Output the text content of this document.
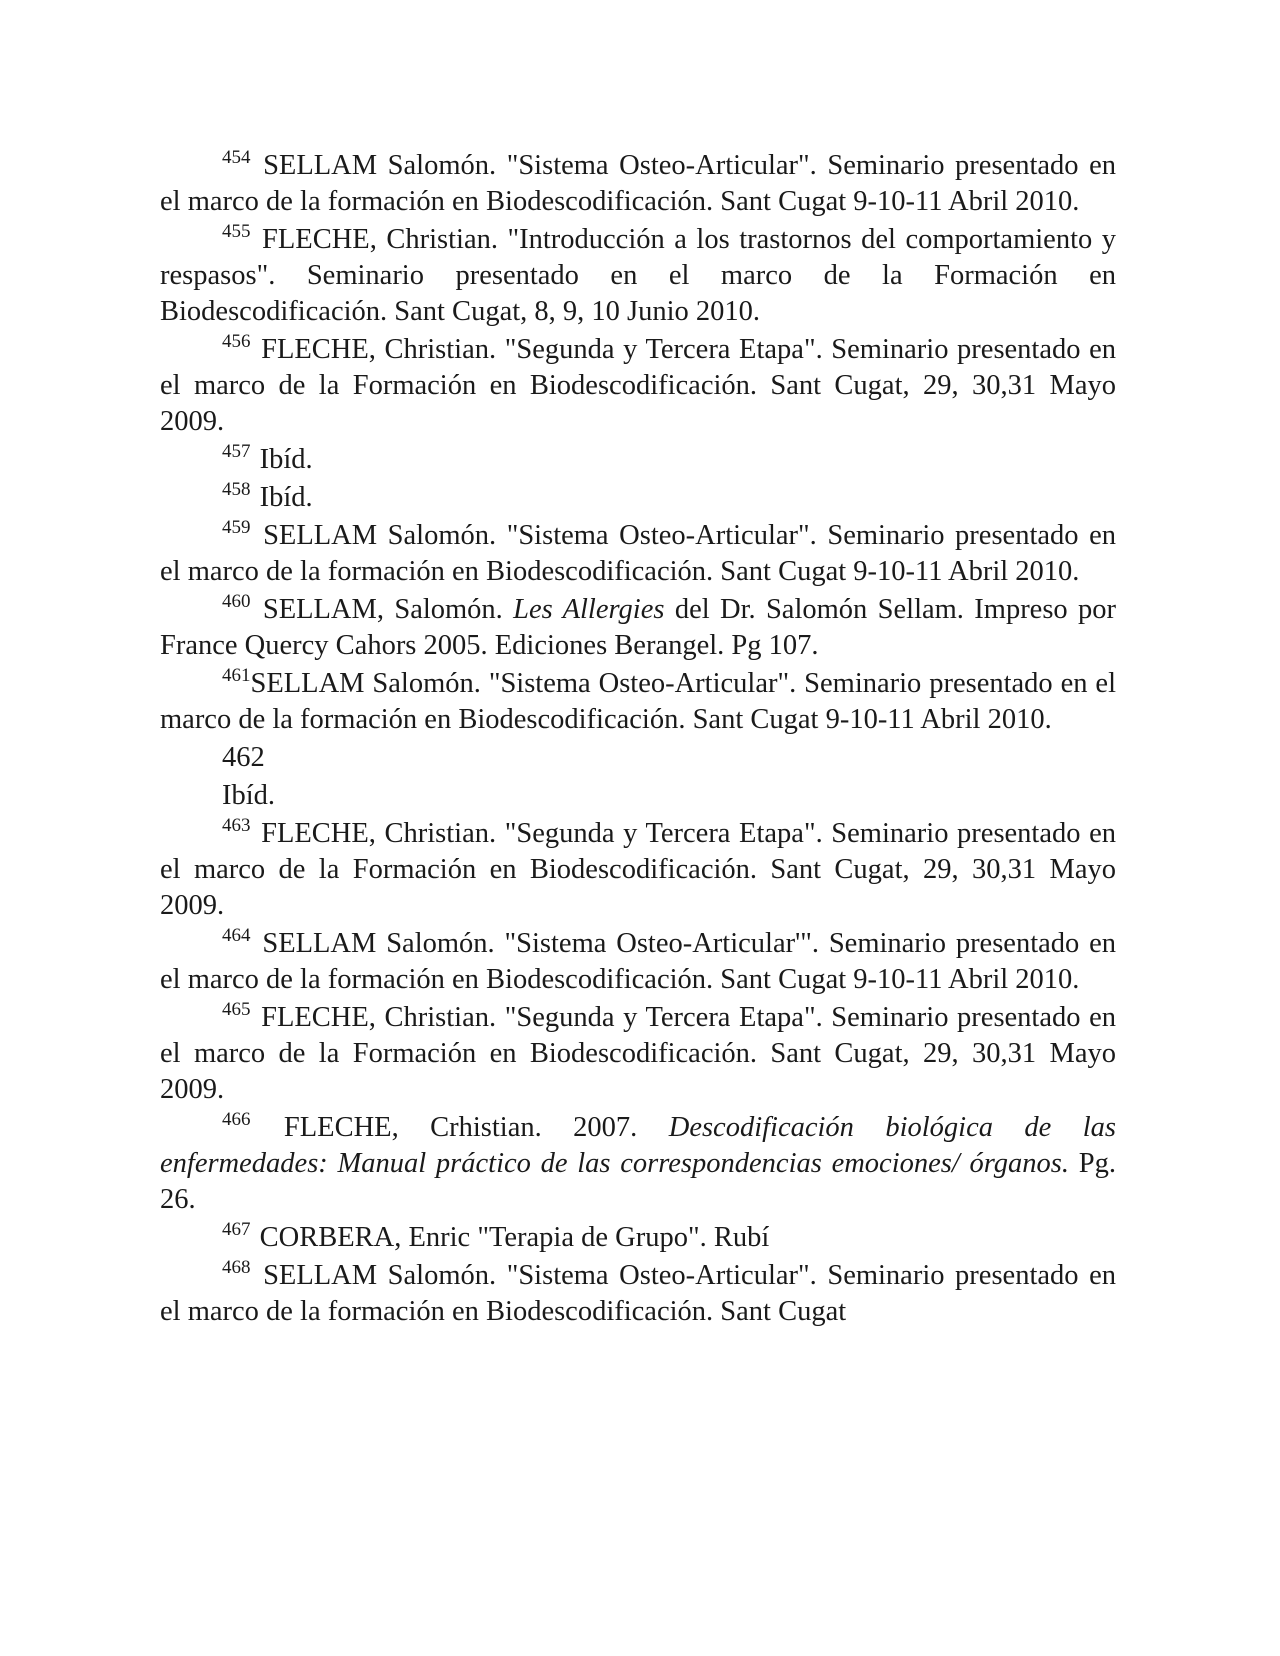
$^{454}$ SELLAM Salomón. "Sistema Osteo-Articular". Seminario presentado en el marco de la formación en Biodescodificación. Sant Cugat 9-10-11 Abril 2010.

$^{455}$ FLECHE, Christian. "Introducción a los trastornos del comportamiento y respasos". Seminario presentado en el marco de la Formación en Biodescodificación. Sant Cugat, 8, 9, 10 Junio 2010.

$^{456}$ FLECHE, Christian. "Segunda y Tercera Etapa". Seminario presentado en el marco de la Formación en Biodescodificación. Sant Cugat, 29, 30,31 Mayo 2009.

$^{457}$ Ibíd.

$^{458}$ Ibíd.

$^{459}$ SELLAM Salomón. "Sistema Osteo-Articular". Seminario presentado en el marco de la formación en Biodescodificación. Sant Cugat 9-10-11 Abril 2010.

$^{460}$ SELLAM, Salomón. Les Allergies del Dr. Salomón Sellam. Impreso por France Quercy Cahors 2005. Ediciones Berangel. Pg 107.

$^{461}$SELLAM Salomón. "Sistema Osteo-Articular". Seminario presentado en el marco de la formación en Biodescodificación. Sant Cugat 9-10-11 Abril 2010.

462
Ibíd.

$^{463}$ FLECHE, Christian. "Segunda y Tercera Etapa". Seminario presentado en el marco de la Formación en Biodescodificación. Sant Cugat, 29, 30,31 Mayo 2009.

$^{464}$ SELLAM Salomón. "Sistema Osteo-Articular'". Seminario presentado en el marco de la formación en Biodescodificación. Sant Cugat 9-10-11 Abril 2010.

$^{465}$ FLECHE, Christian. "Segunda y Tercera Etapa". Seminario presentado en el marco de la Formación en Biodescodificación. Sant Cugat, 29, 30,31 Mayo 2009.

$^{466}$ FLECHE, Crhistian. 2007. Descodificación biológica de las enfermedades: Manual práctico de las correspondencias emociones/ órganos. Pg. 26.

$^{467}$ CORBERA, Enric "Terapia de Grupo". Rubí

$^{468}$ SELLAM Salomón. "Sistema Osteo-Articular". Seminario presentado en el marco de la formación en Biodescodificación. Sant Cugat
